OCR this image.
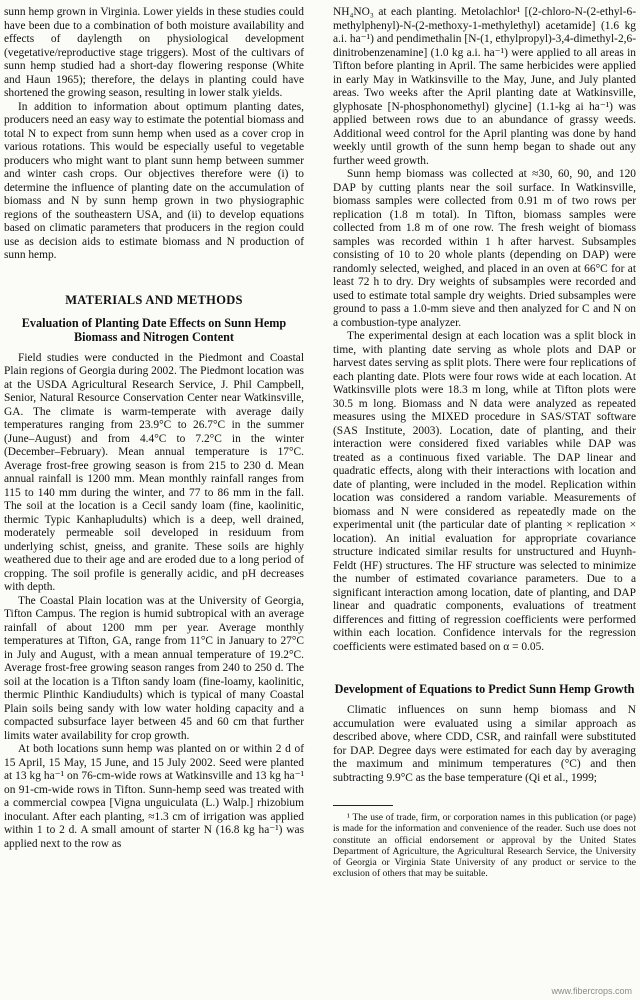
sunn hemp grown in Virginia. Lower yields in these studies could have been due to a combination of both moisture availability and effects of daylength on physiological development (vegetative/reproductive stage triggers). Most of the cultivars of sunn hemp studied had a short-day flowering response (White and Haun 1965); therefore, the delays in planting could have shortened the growing season, resulting in lower stalk yields.

In addition to information about optimum planting dates, producers need an easy way to estimate the potential biomass and total N to expect from sunn hemp when used as a cover crop in various rotations. This would be especially useful to vegetable producers who might want to plant sunn hemp between summer and winter cash crops. Our objectives therefore were (i) to determine the influence of planting date on the accumulation of biomass and N by sunn hemp grown in two physiographic regions of the southeastern USA, and (ii) to develop equations based on climatic parameters that producers in the region could use as decision aids to estimate biomass and N production of sunn hemp.

MATERIALS AND METHODS
Evaluation of Planting Date Effects on Sunn Hemp Biomass and Nitrogen Content

Field studies were conducted in the Piedmont and Coastal Plain regions of Georgia during 2002. The Piedmont location was at the USDA Agricultural Research Service, J. Phil Campbell, Senior, Natural Resource Conservation Center near Watkinsville, GA. The climate is warm-temperate with average daily temperatures ranging from 23.9°C to 26.7°C in the summer (June–August) and from 4.4°C to 7.2°C in the winter (December–February). Mean annual temperature is 17°C. Average frost-free growing season is from 215 to 230 d. Mean annual rainfall is 1200 mm. Mean monthly rainfall ranges from 115 to 140 mm during the winter, and 77 to 86 mm in the fall. The soil at the location is a Cecil sandy loam (fine, kaolinitic, thermic Typic Kanhapludults) which is a deep, well drained, moderately permeable soil developed in residuum from underlying schist, gneiss, and granite. These soils are highly weathered due to their age and are eroded due to a long period of cropping. The soil profile is generally acidic, and pH decreases with depth.

The Coastal Plain location was at the University of Georgia, Tifton Campus. The region is humid subtropical with an average rainfall of about 1200 mm per year. Average monthly temperatures at Tifton, GA, range from 11°C in January to 27°C in July and August, with a mean annual temperature of 19.2°C. Average frost-free growing season ranges from 240 to 250 d. The soil at the location is a Tifton sandy loam (fine-loamy, kaolinitic, thermic Plinthic Kandiudults) which is typical of many Coastal Plain soils being sandy with low water holding capacity and a compacted subsurface layer between 45 and 60 cm that further limits water availability for crop growth.

At both locations sunn hemp was planted on or within 2 d of 15 April, 15 May, 15 June, and 15 July 2002. Seed were planted at 13 kg ha⁻¹ on 76-cm-wide rows at Watkinsville and 13 kg ha⁻¹ on 91-cm-wide rows in Tifton. Sunn-hemp seed was treated with a commercial cowpea [Vigna unguiculata (L.) Walp.] rhizobium inoculant. After each planting, ≈1.3 cm of irrigation was applied within 1 to 2 d. A small amount of starter N (16.8 kg ha⁻¹) was applied next to the row as

NH₄NO₃ at each planting. Metolachlor¹ [(2-chloro-N-(2-ethyl-6-methylphenyl)-N-(2-methoxy-1-methylethyl) acetamide] (1.6 kg a.i. ha⁻¹) and pendimethalin [N-(1, ethylpropyl)-3,4-dimethyl-2,6-dinitrobenzenamine] (1.0 kg a.i. ha⁻¹) were applied to all areas in Tifton before planting in April. The same herbicides were applied in early May in Watkinsville to the May, June, and July planted areas. Two weeks after the April planting date at Watkinsville, glyphosate [N-phosphonomethyl) glycine] (1.1-kg ai ha⁻¹) was applied between rows due to an abundance of grassy weeds. Additional weed control for the April planting was done by hand weekly until growth of the sunn hemp began to shade out any further weed growth.

Sunn hemp biomass was collected at ≈30, 60, 90, and 120 DAP by cutting plants near the soil surface. In Watkinsville, biomass samples were collected from 0.91 m of two rows per replication (1.8 m total). In Tifton, biomass samples were collected from 1.8 m of one row. The fresh weight of biomass samples was recorded within 1 h after harvest. Subsamples consisting of 10 to 20 whole plants (depending on DAP) were randomly selected, weighed, and placed in an oven at 66°C for at least 72 h to dry. Dry weights of subsamples were recorded and used to estimate total sample dry weights. Dried subsamples were ground to pass a 1.0-mm sieve and then analyzed for C and N on a combustion-type analyzer.

The experimental design at each location was a split block in time, with planting date serving as whole plots and DAP or harvest dates serving as split plots. There were four replications of each planting date. Plots were four rows wide at each location. At Watkinsville plots were 18.3 m long, while at Tifton plots were 30.5 m long. Biomass and N data were analyzed as repeated measures using the MIXED procedure in SAS/STAT software (SAS Institute, 2003). Location, date of planting, and their interaction were considered fixed variables while DAP was treated as a continuous fixed variable. The DAP linear and quadratic effects, along with their interactions with location and date of planting, were included in the model. Replication within location was considered a random variable. Measurements of biomass and N were considered as repeatedly made on the experimental unit (the particular date of planting × replication × location). An initial evaluation for appropriate covariance structure indicated similar results for unstructured and Huynh-Feldt (HF) structures. The HF structure was selected to minimize the number of estimated covariance parameters. Due to a significant interaction among location, date of planting, and DAP linear and quadratic components, evaluations of treatment differences and fitting of regression coefficients were performed within each location. Confidence intervals for the regression coefficients were estimated based on α = 0.05.

Development of Equations to Predict Sunn Hemp Growth

Climatic influences on sunn hemp biomass and N accumulation were evaluated using a similar approach as described above, where CDD, CSR, and rainfall were substituted for DAP. Degree days were estimated for each day by averaging the maximum and minimum temperatures (°C) and then subtracting 9.9°C as the base temperature (Qi et al., 1999;

¹ The use of trade, firm, or corporation names in this publication (or page) is made for the information and convenience of the reader. Such use does not constitute an official endorsement or approval by the United States Department of Agriculture, the Agricultural Research Service, the University of Georgia or Virginia State University of any product or service to the exclusion of others that may be suitable.

www.fibercrops.com
